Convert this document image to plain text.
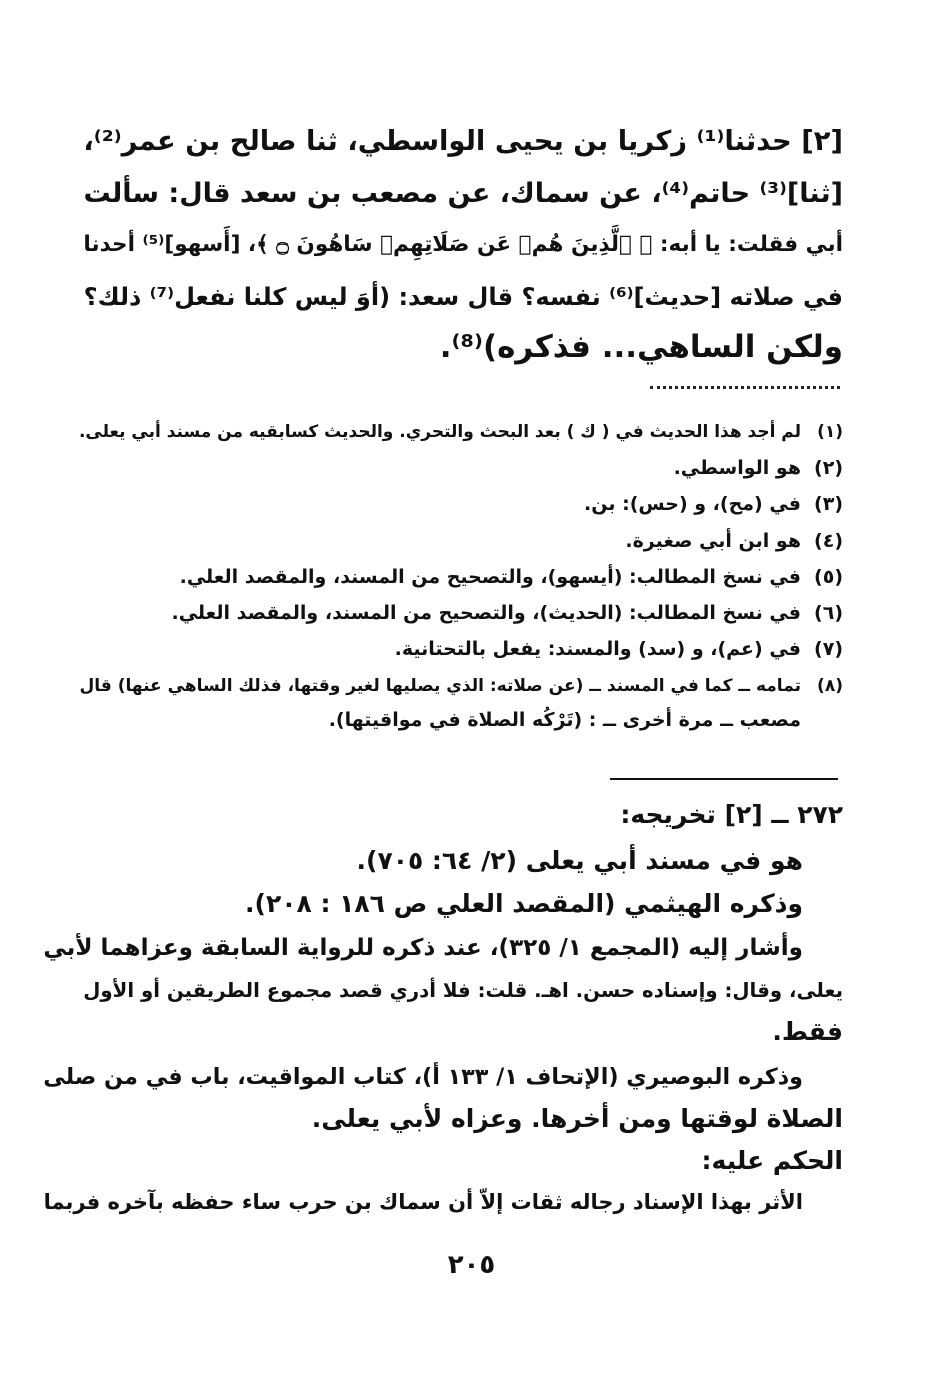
[٢] حدثنا⁽¹⁾ زكريا بن يحيى الواسطي، ثنا صالح بن عمر⁽²⁾،
[ثنا]⁽³⁾ حاتم⁽⁴⁾، عن سماك، عن مصعب بن سعد قال: سألت
أبي فقلت: يا أبه: ﴿ ٱلَّذِينَ هُمۡ عَن صَلَاتِهِمۡ سَاهُونَ ۝ ﴾، [أَسهو]⁽⁵⁾ أحدنا
في صلاته [حديث]⁽⁶⁾ نفسه؟ قال سعد: (أوَ ليس كلنا نفعل⁽⁷⁾ ذلك؟
ولكن الساهي... فذكره)⁽⁸⁾.
(١)لم أجد هذا الحديث في ( ك ) بعد البحث والتحري. والحديث كسابقيه من مسند أبي يعلى.
(٢)هو الواسطي.
(٣)في (مح)، و (حس): بن.
(٤)هو ابن أبي صغيرة.
(٥)في نسخ المطالب: (أيسهو)، والتصحيح من المسند، والمقصد العلي.
(٦)في نسخ المطالب: (الحديث)، والتصحيح من المسند، والمقصد العلي.
(٧)في (عم)، و (سد) والمسند: يفعل بالتحتانية.
(٨)تمامه ــ كما في المسند ــ (عن صلاته: الذي يصليها لغير وقتها، فذلك الساهي عنها) قال
مصعب ــ مرة أخرى ــ : (تَرْكُه الصلاة في مواقيتها).
٢٧٢ ــ [٢] تخريجه:
هو في مسند أبي يعلى (٢/ ٦٤: ٧٠٥).
وذكره الهيثمي (المقصد العلي ص ١٨٦ : ٢٠٨).
وأشار إليه (المجمع ١/ ٣٢٥)، عند ذكره للرواية السابقة وعزاهما لأبي
يعلى، وقال: وإسناده حسن. اهـ. قلت: فلا أدري قصد مجموع الطريقين أو الأول
فقط.
وذكره البوصيري (الإتحاف ١/ ١٣٣ أ)، كتاب المواقيت، باب في من صلى
الصلاة لوقتها ومن أخرها. وعزاه لأبي يعلى.
الحكم عليه:
الأثر بهذا الإسناد رجاله ثقات إلاّ أن سماك بن حرب ساء حفظه بآخره فربما
٢٠٥
